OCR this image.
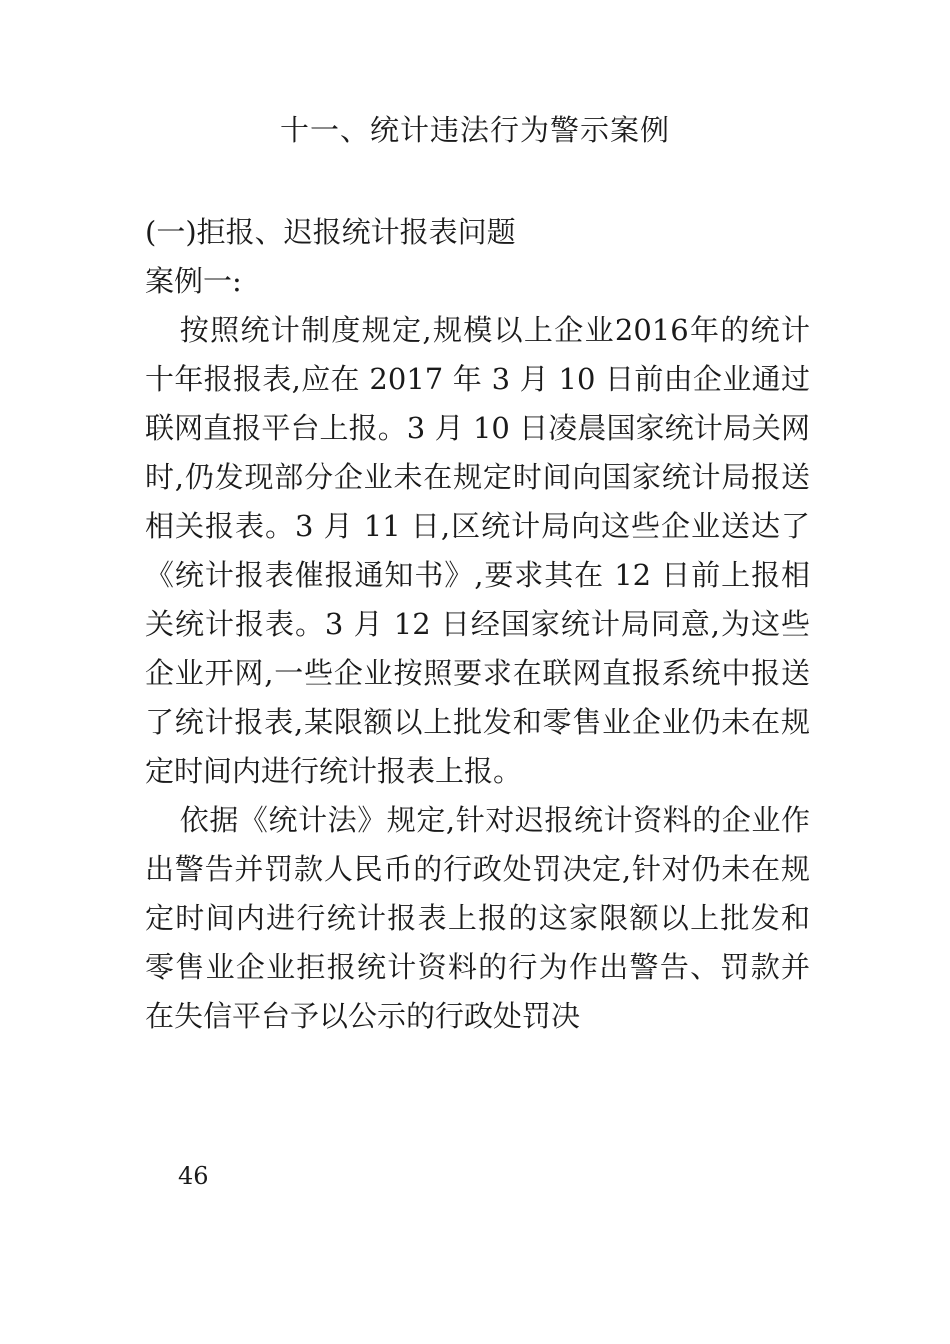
十一、统计违法行为警示案例

(一)拒报、迟报统计报表问题

案例一:

按照统计制度规定,规模以上企业2016年的统计十年报报表,应在 2017 年 3 月 10 日前由企业通过联网直报平台上报。3 月 10 日凌晨国家统计局关网时,仍发现部分企业未在规定时间向国家统计局报送相关报表。3 月 11 日,区统计局向这些企业送达了《统计报表催报通知书》,要求其在 12 日前上报相关统计报表。3 月 12 日经国家统计局同意,为这些企业开网,一些企业按照要求在联网直报系统中报送了统计报表,某限额以上批发和零售业企业仍未在规定时间内进行统计报表上报。

依据《统计法》规定,针对迟报统计资料的企业作出警告并罚款人民币的行政处罚决定,针对仍未在规定时间内进行统计报表上报的这家限额以上批发和零售业企业拒报统计资料的行为作出警告、罚款并在失信平台予以公示的行政处罚决

46
